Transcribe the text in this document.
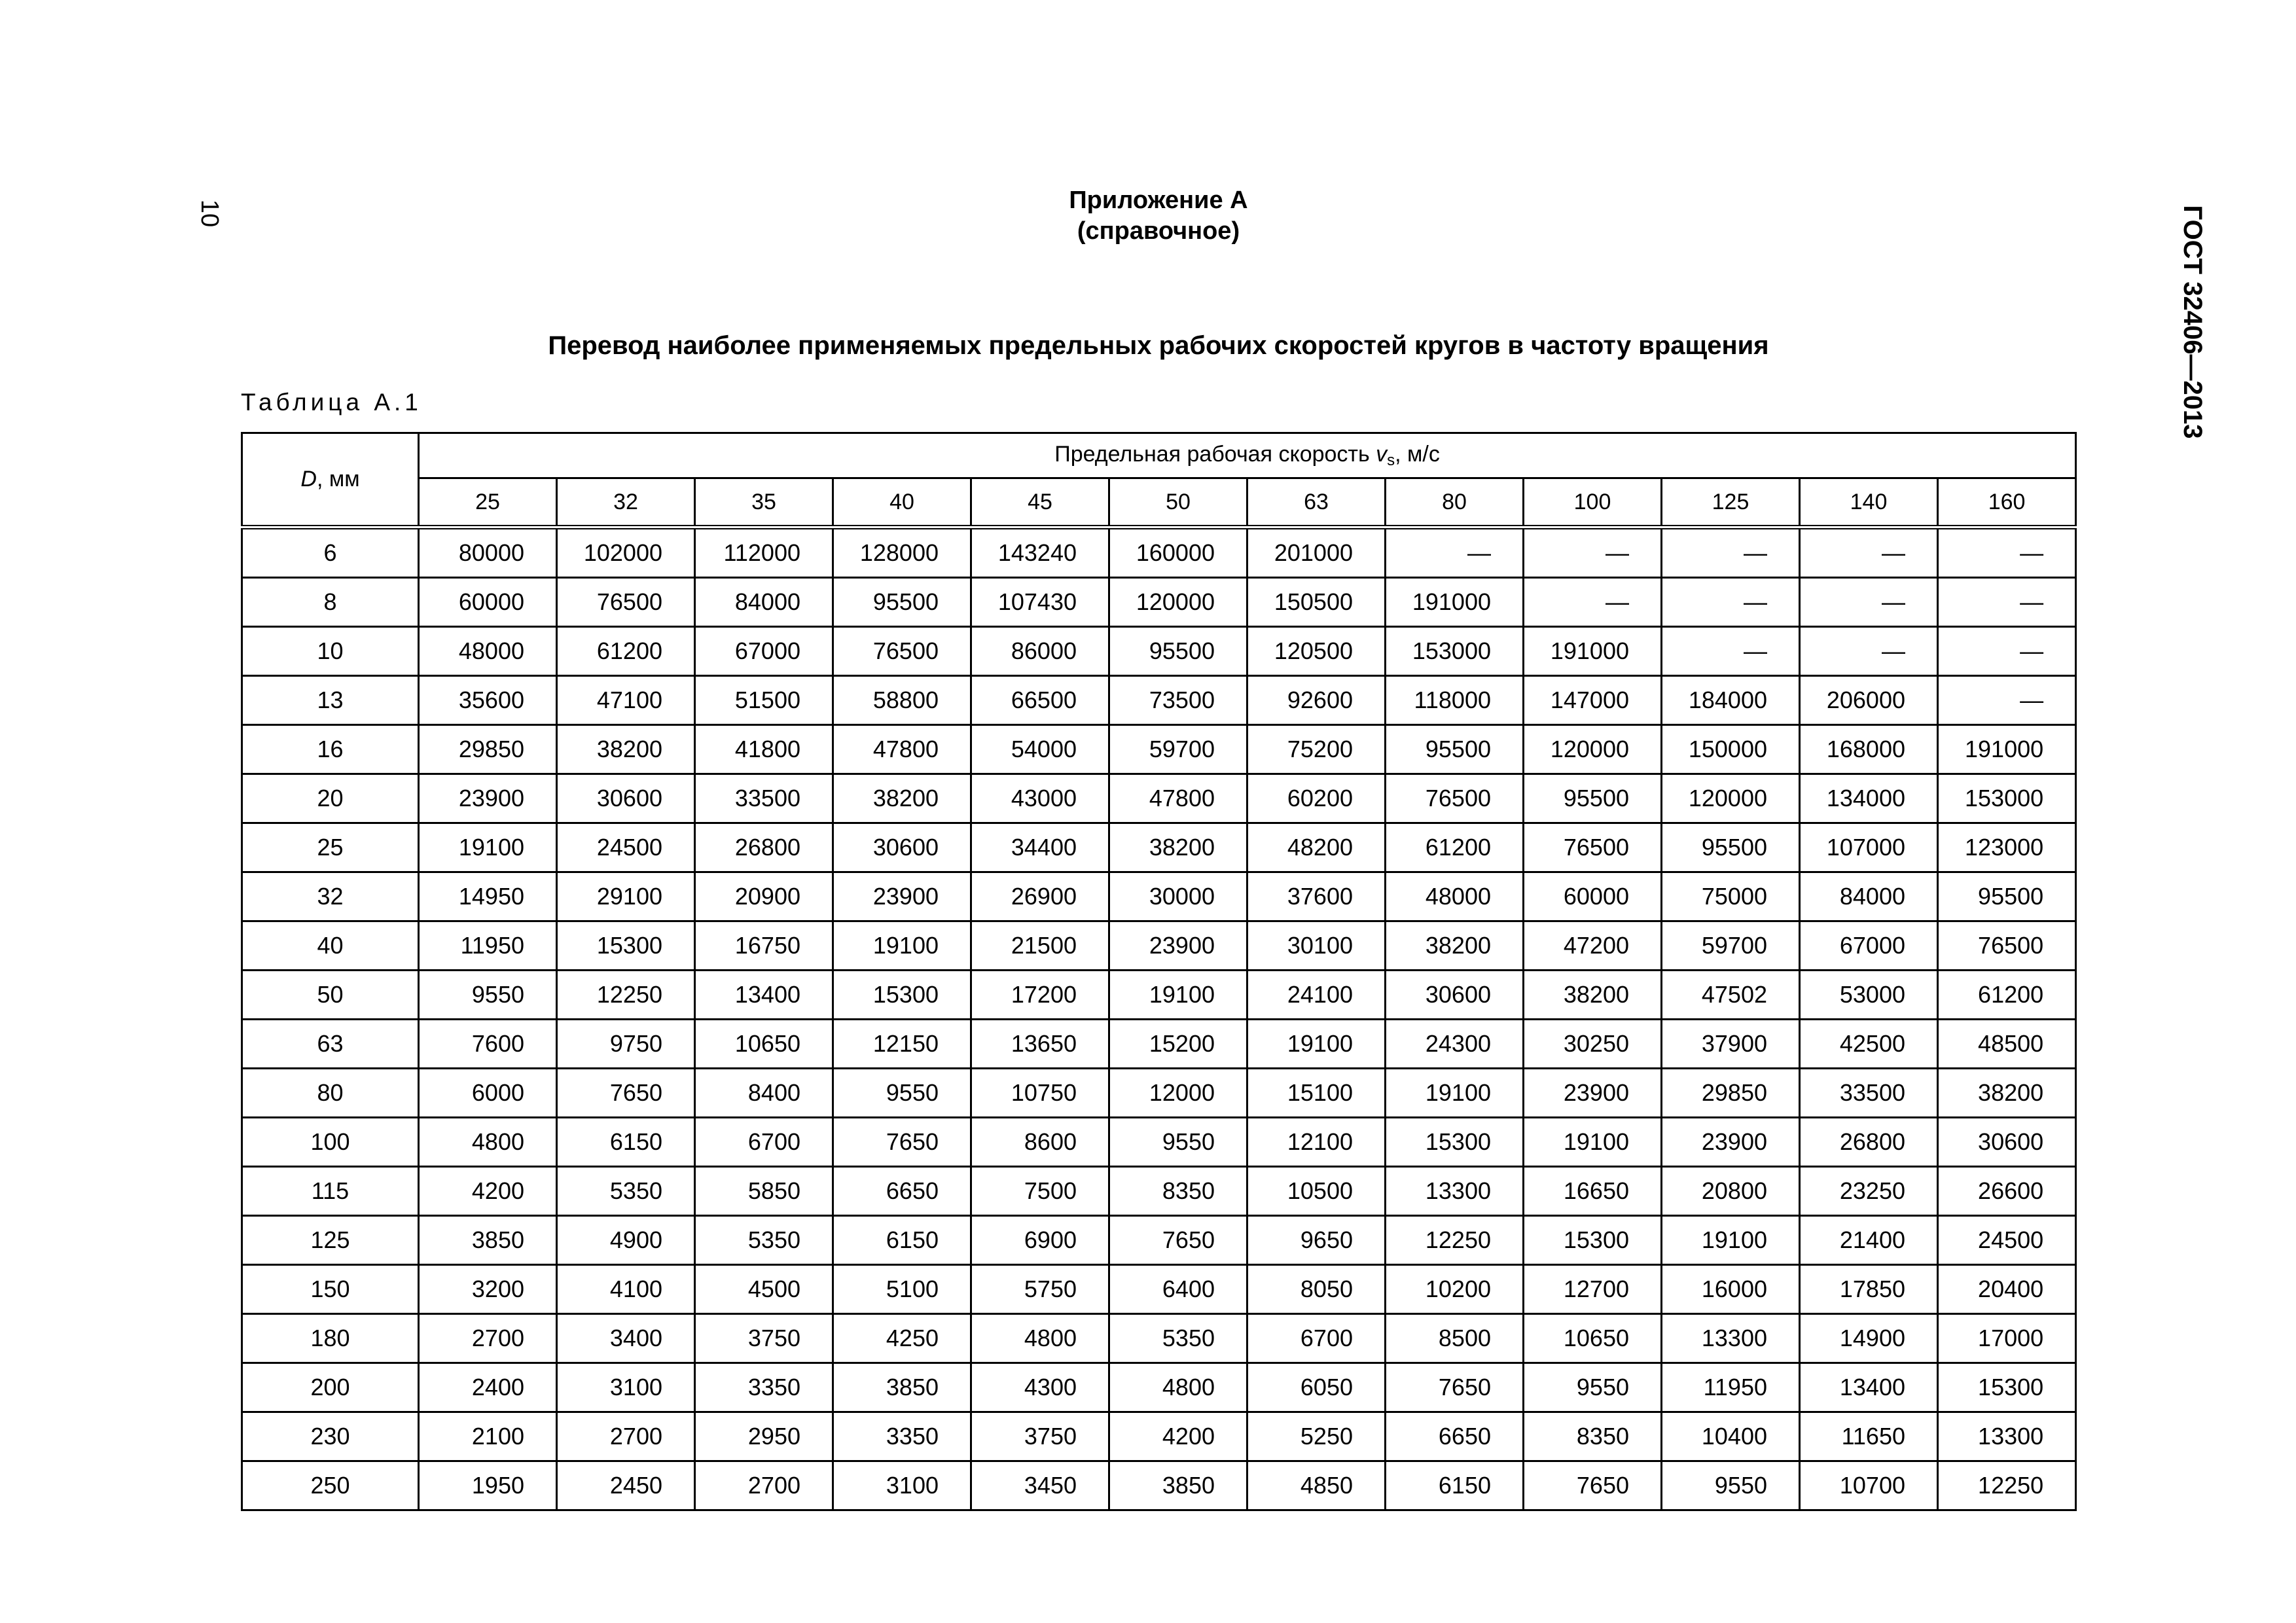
10	ГОСТ 32406—2013
Приложение А
(справочное)
Перевод наиболее применяемых предельных рабочих скоростей кругов в частоту вращения
Таблица А.1
D, мм	Предельная рабочая скорость $v_s$, м/с											
	25	32	35	40	45	50	63	80	100	125	140	160
6	80000	102000	112000	128000	143240	160000	201000	—	—	—	—	—
8	60000	76500	84000	95500	107430	120000	150500	191000	—	—	—	—
10	48000	61200	67000	76500	86000	95500	120500	153000	191000	—	—	—
13	35600	47100	51500	58800	66500	73500	92600	118000	147000	184000	206000	—
16	29850	38200	41800	47800	54000	59700	75200	95500	120000	150000	168000	191000
20	23900	30600	33500	38200	43000	47800	60200	76500	95500	120000	134000	153000
25	19100	24500	26800	30600	34400	38200	48200	61200	76500	95500	107000	123000
32	14950	29100	20900	23900	26900	30000	37600	48000	60000	75000	84000	95500
40	11950	15300	16750	19100	21500	23900	30100	38200	47200	59700	67000	76500
50	9550	12250	13400	15300	17200	19100	24100	30600	38200	47502	53000	61200
63	7600	9750	10650	12150	13650	15200	19100	24300	30250	37900	42500	48500
80	6000	7650	8400	9550	10750	12000	15100	19100	23900	29850	33500	38200
100	4800	6150	6700	7650	8600	9550	12100	15300	19100	23900	26800	30600
115	4200	5350	5850	6650	7500	8350	10500	13300	16650	20800	23250	26600
125	3850	4900	5350	6150	6900	7650	9650	12250	15300	19100	21400	24500
150	3200	4100	4500	5100	5750	6400	8050	10200	12700	16000	17850	20400
180	2700	3400	3750	4250	4800	5350	6700	8500	10650	13300	14900	17000
200	2400	3100	3350	3850	4300	4800	6050	7650	9550	11950	13400	15300
230	2100	2700	2950	3350	3750	4200	5250	6650	8350	10400	11650	13300
250	1950	2450	2700	3100	3450	3850	4850	6150	7650	9550	10700	12250
